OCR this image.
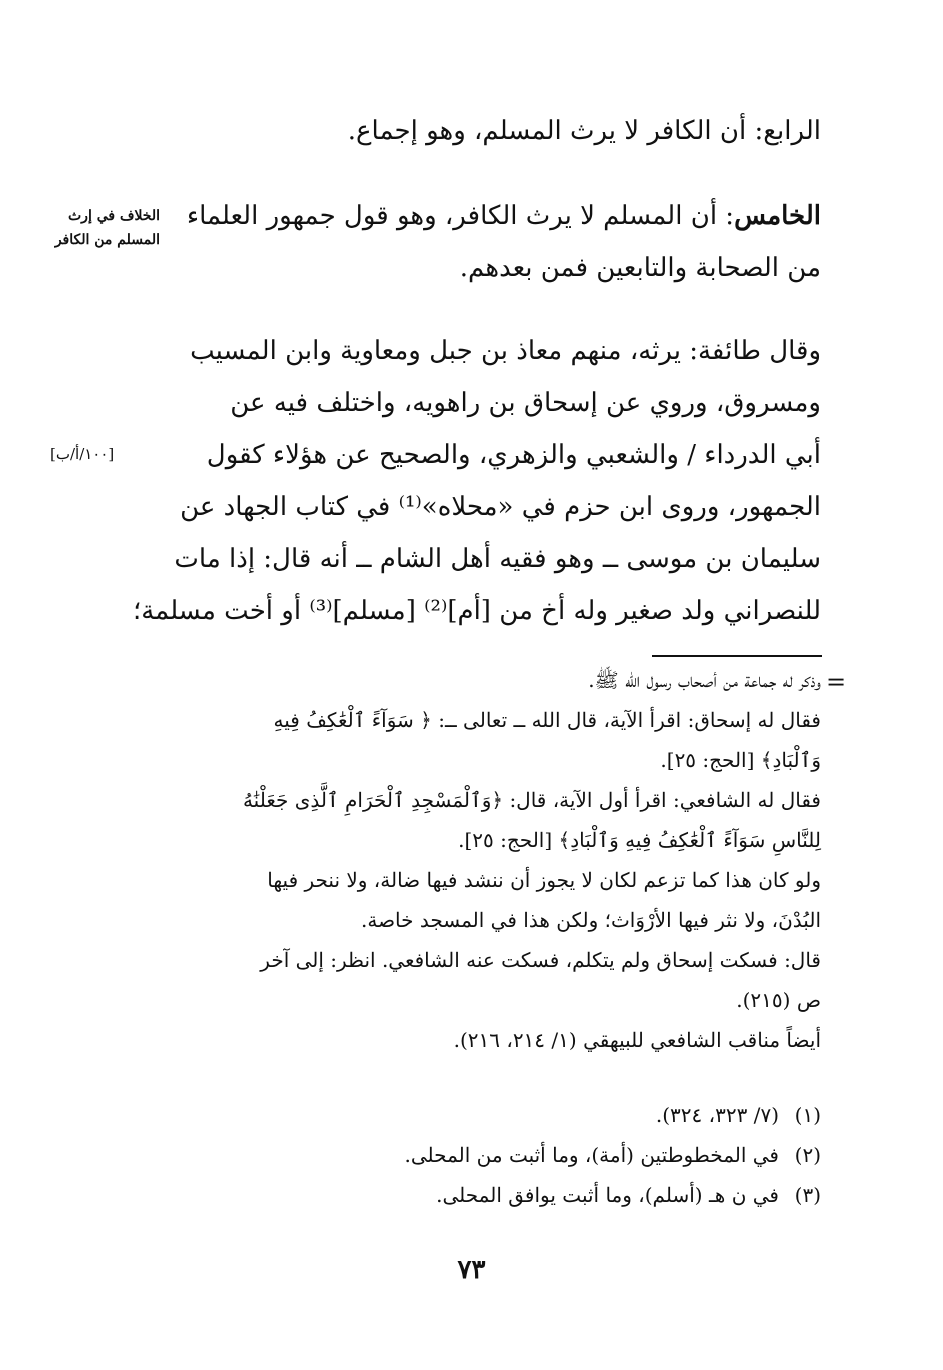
الرابع: أن الكافر لا يرث المسلم، وهو إجماع.
الخامس: أن المسلم لا يرث الكافر، وهو قول جمهور العلماء
من الصحابة والتابعين فمن بعدهم.
الخلاف في إرث المسلم من الكافر
[١٠٠/أ/ب]
وقال طائفة: يرثه، منهم معاذ بن جبل ومعاوية وابن المسيب
ومسروق، وروي عن إسحاق بن راهويه، واختلف فيه عن
أبي الدرداء / والشعبي والزهري، والصحيح عن هؤلاء كقول
الجمهور، وروى ابن حزم في «محلاه»⁽¹⁾ في كتاب الجهاد عن
سليمان بن موسى ــ وهو فقيه أهل الشام ــ أنه قال: إذا مات
للنصراني ولد صغير وله أخ من [أم]⁽²⁾ [مسلم]⁽³⁾ أو أخت مسلمة؛
=
وذكر له جماعة من أصحاب رسول الله ﷺ.
فقال له إسحاق: اقرأ الآية، قال الله ــ تعالى ــ: ﴿ سَوَآءً ٱلْعَٰكِفُ فِيهِ
وَٱلْبَادِ﴾ [الحج: ٢٥].
فقال له الشافعي: اقرأ أول الآية، قال: ﴿وَٱلْمَسْجِدِ ٱلْحَرَامِ ٱلَّذِى جَعَلْنَٰهُ
لِلنَّاسِ سَوَآءً ٱلْعَٰكِفُ فِيهِ وَٱلْبَادِ﴾ [الحج: ٢٥].
ولو كان هذا كما تزعم لكان لا يجوز أن ننشد فيها ضالة، ولا ننحر فيها
البُدْنَ، ولا نثر فيها الأرْوَاث؛ ولكن هذا في المسجد خاصة.
قال: فسكت إسحاق ولم يتكلم، فسكت عنه الشافعي. انظر: إلى آخر
ص (٢١٥).
أيضاً مناقب الشافعي للبيهقي (١/ ٢١٤، ٢١٦).
(١)(٧/ ٣٢٣، ٣٢٤).
(٢)في المخطوطتين (أمة)، وما أثبت من المحلى.
(٣)في ن هـ (أسلم)، وما أثبت يوافق المحلى.
٧٣
